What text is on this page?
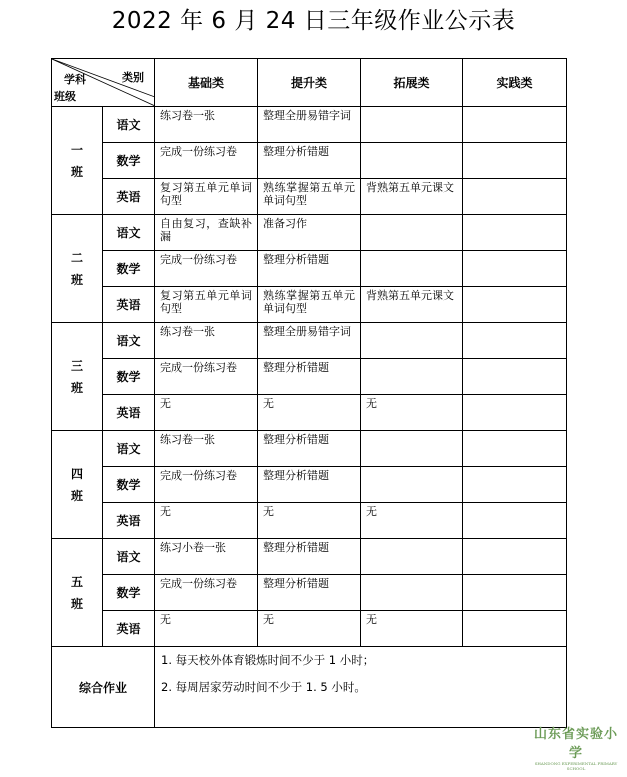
2022 年 6 月 24 日三年级作业公示表
类别
学科
班级		基础类	提升类	拓展类	实践类
一
班	语文	练习卷一张	整理全册易错字词		
	数学	完成一份练习卷	整理分析错题		
	英语	复习第五单元单词句型	熟练掌握第五单元单词句型	背熟第五单元课文	
二
班	语文	自由复习，查缺补漏	准备习作		
	数学	完成一份练习卷	整理分析错题		
	英语	复习第五单元单词句型	熟练掌握第五单元单词句型	背熟第五单元课文	
三
班	语文	练习卷一张	整理全册易错字词		
	数学	完成一份练习卷	整理分析错题		
	英语	无	无	无	
四
班	语文	练习卷一张	整理分析错题		
	数学	完成一份练习卷	整理分析错题		
	英语	无	无	无	
五
班	语文	练习小卷一张	整理分析错题		
	数学	完成一份练习卷	整理分析错题		
	英语	无	无	无	
综合作业		1. 每天校外体育锻炼时间不少于 1 小时；
2. 每周居家劳动时间不少于 1. 5 小时。			
山东省实验小学
SHANDONG EXPERIMENTAL PRIMARY SCHOOL
